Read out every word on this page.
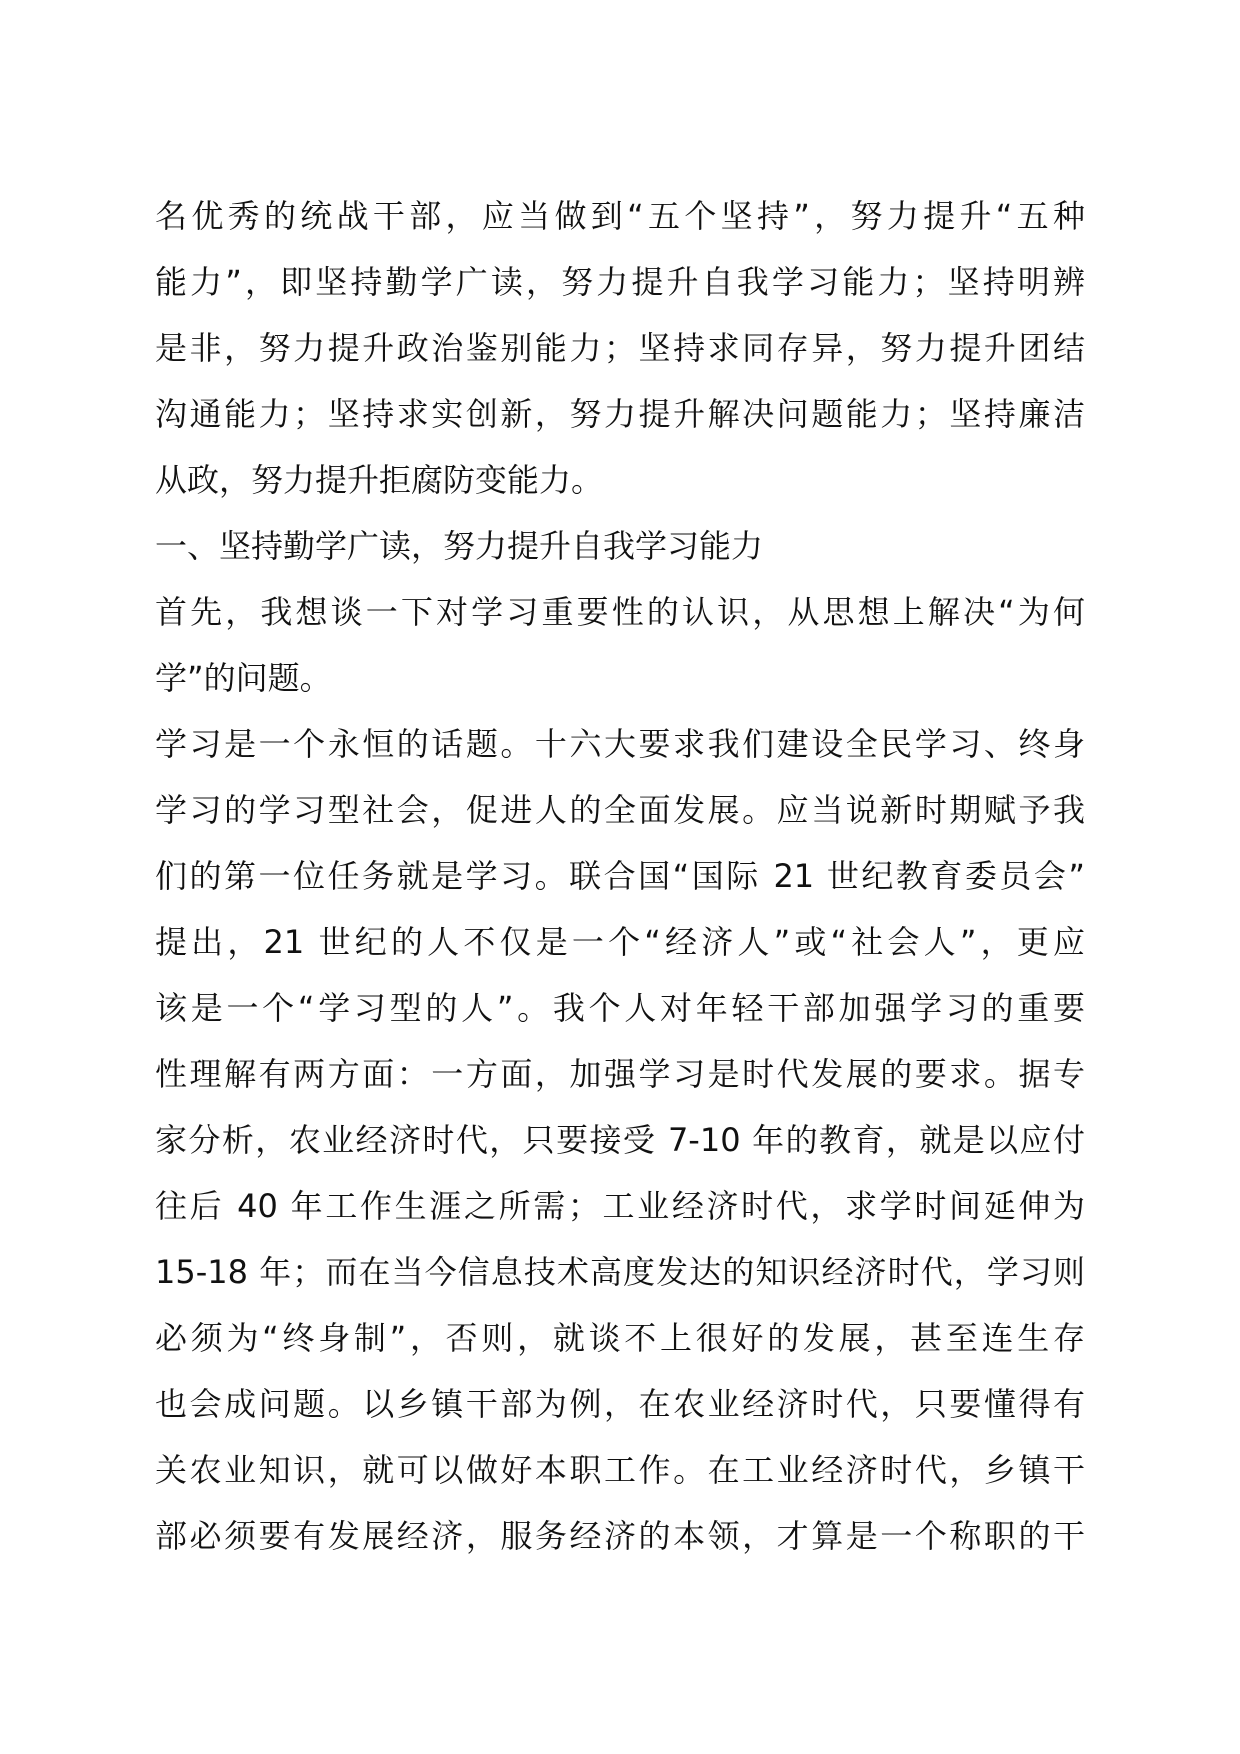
名优秀的统战干部，应当做到“五个坚持”，努力提升“五种
能力”，即坚持勤学广读，努力提升自我学习能力；坚持明辨
是非，努力提升政治鉴别能力；坚持求同存异，努力提升团结
沟通能力；坚持求实创新，努力提升解决问题能力；坚持廉洁
从政，努力提升拒腐防变能力。
一、坚持勤学广读，努力提升自我学习能力
首先，我想谈一下对学习重要性的认识，从思想上解决“为何
学”的问题。
学习是一个永恒的话题。十六大要求我们建设全民学习、终身
学习的学习型社会，促进人的全面发展。应当说新时期赋予我
们的第一位任务就是学习。联合国“国际 21 世纪教育委员会”
提出，21 世纪的人不仅是一个“经济人”或“社会人”，更应
该是一个“学习型的人”。我个人对年轻干部加强学习的重要
性理解有两方面：一方面，加强学习是时代发展的要求。据专
家分析，农业经济时代，只要接受 7-10 年的教育，就是以应付
往后 40 年工作生涯之所需；工业经济时代，求学时间延伸为
15-18 年；而在当今信息技术高度发达的知识经济时代，学习则
必须为“终身制”，否则，就谈不上很好的发展，甚至连生存
也会成问题。以乡镇干部为例，在农业经济时代，只要懂得有
关农业知识，就可以做好本职工作。在工业经济时代，乡镇干
部必须要有发展经济，服务经济的本领，才算是一个称职的干
